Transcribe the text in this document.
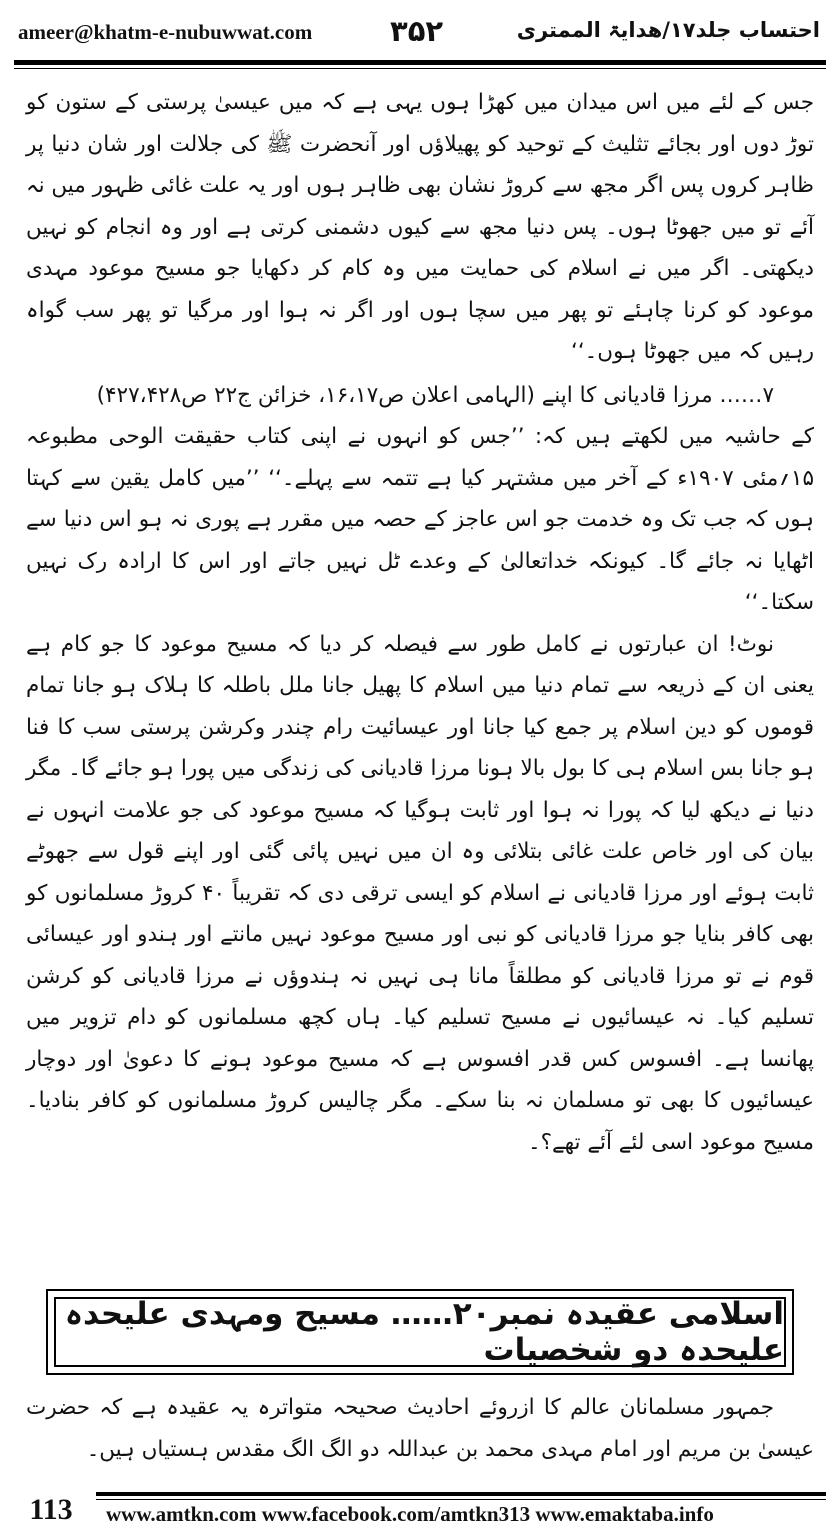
ameer@khatm-e-nubuwwat.com	۳۵۲	احتساب جلد۱۷/ھدایۃ الممتری

جس کے لئے میں اس میدان میں کھڑا ہوں یہی ہے کہ میں عیسیٰ پرستی کے ستون کو توڑ دوں اور بجائے تثلیث کے توحید کو پھیلاؤں اور آنحضرت ﷺ کی جلالت اور شان دنیا پر ظاہر کروں پس اگر مجھ سے کروڑ نشان بھی ظاہر ہوں اور یہ علت غائی ظہور میں نہ آئے تو میں جھوٹا ہوں۔ پس دنیا مجھ سے کیوں دشمنی کرتی ہے اور وہ انجام کو نہیں دیکھتی۔ اگر میں نے اسلام کی حمایت میں وہ کام کر دکھایا جو مسیح موعود مہدی موعود کو کرنا چاہئے تو پھر میں سچا ہوں اور اگر نہ ہوا اور مرگیا تو پھر سب گواہ رہیں کہ میں جھوٹا ہوں۔‘‘

۷…… مرزا قادیانی کا اپنے (الہامی اعلان ص۱۶،۱۷، خزائن ج۲۲ ص۴۲۷،۴۲۸)

کے حاشیہ میں لکھتے ہیں کہ: ’’جس کو انہوں نے اپنی کتاب حقیقت الوحی مطبوعہ ۱۵؍مئی ۱۹۰۷ء کے آخر میں مشتہر کیا ہے تتمہ سے پہلے۔‘‘ ’’میں کامل یقین سے کہتا ہوں کہ جب تک وہ خدمت جو اس عاجز کے حصہ میں مقرر ہے پوری نہ ہو اس دنیا سے اٹھایا نہ جائے گا۔ کیونکہ خداتعالیٰ کے وعدے ٹل نہیں جاتے اور اس کا ارادہ رک نہیں سکتا۔‘‘

نوٹ! ان عبارتوں نے کامل طور سے فیصلہ کر دیا کہ مسیح موعود کا جو کام ہے یعنی ان کے ذریعہ سے تمام دنیا میں اسلام کا پھیل جانا ملل باطلہ کا ہلاک ہو جانا تمام قوموں کو دین اسلام پر جمع کیا جانا اور عیسائیت رام چندر وکرشن پرستی سب کا فنا ہو جانا بس اسلام ہی کا بول بالا ہونا مرزا قادیانی کی زندگی میں پورا ہو جائے گا۔ مگر دنیا نے دیکھ لیا کہ پورا نہ ہوا اور ثابت ہوگیا کہ مسیح موعود کی جو علامت انہوں نے بیان کی اور خاص علت غائی بتلائی وہ ان میں نہیں پائی گئی اور اپنے قول سے جھوٹے ثابت ہوئے اور مرزا قادیانی نے اسلام کو ایسی ترقی دی کہ تقریباً ۴۰ کروڑ مسلمانوں کو بھی کافر بنایا جو مرزا قادیانی کو نبی اور مسیح موعود نہیں مانتے اور ہندو اور عیسائی قوم نے تو مرزا قادیانی کو مطلقاً مانا ہی نہیں نہ ہندوؤں نے مرزا قادیانی کو کرشن تسلیم کیا۔ نہ عیسائیوں نے مسیح تسلیم کیا۔ ہاں کچھ مسلمانوں کو دام تزویر میں پھانسا ہے۔ افسوس کس قدر افسوس ہے کہ مسیح موعود ہونے کا دعویٰ اور دوچار عیسائیوں کا بھی تو مسلمان نہ بنا سکے۔ مگر چالیس کروڑ مسلمانوں کو کافر بنادیا۔ مسیح موعود اسی لئے آئے تھے؟۔

اسلامی عقیدہ نمبر۲۰…… مسیح ومہدی علیحدہ علیحدہ دو شخصیات

جمہور مسلمانان عالم کا ازروئے احادیث صحیحہ متواترہ یہ عقیدہ ہے کہ حضرت عیسیٰ بن مریم اور امام مہدی محمد بن عبداللہ دو الگ الگ مقدس ہستیاں ہیں۔

113	www.amtkn.com www.facebook.com/amtkn313 www.emaktaba.info
